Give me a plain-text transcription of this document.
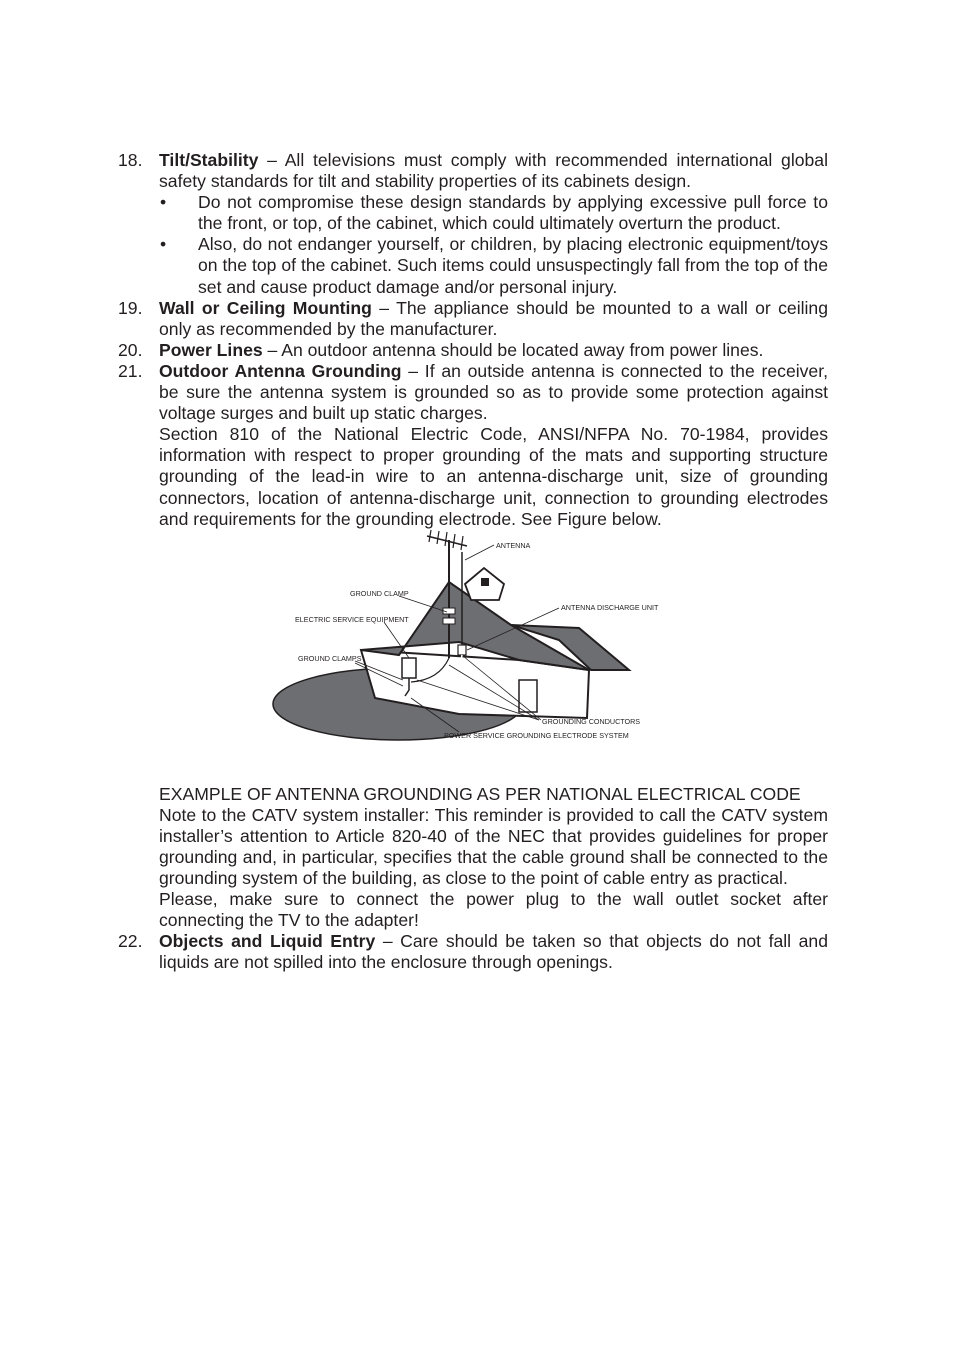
18. Tilt/Stability – All televisions must comply with recommended international global safety standards for tilt and stability properties of its cabinets design.
• Do not compromise these design standards by applying excessive pull force to the front, or top, of the cabinet, which could ultimately overturn the product.
• Also, do not endanger yourself, or children, by placing electronic equipment/toys on the top of the cabinet. Such items could unsuspectingly fall from the top of the set and cause product damage and/or personal injury.
19. Wall or Ceiling Mounting – The appliance should be mounted to a wall or ceiling only as recommended by the manufacturer.
20. Power Lines – An outdoor antenna should be located away from power lines.
21. Outdoor Antenna Grounding – If an outside antenna is connected to the receiver, be sure the antenna system is grounded so as to provide some protection against voltage surges and built up static charges.
Section 810 of the National Electric Code, ANSI/NFPA No. 70-1984, provides information with respect to proper grounding of the mats and supporting structure grounding of the lead-in wire to an antenna-discharge unit, size of grounding connectors, location of antenna-discharge unit, connection to grounding electrodes and requirements for the grounding electrode. See Figure below.
ANTENNA
GROUND CLAMP
ELECTRIC SERVICE EQUIPMENT
ANTENNA DISCHARGE UNIT
GROUND CLAMPS
GROUNDING CONDUCTORS
POWER SERVICE GROUNDING ELECTRODE SYSTEM
EXAMPLE OF ANTENNA GROUNDING AS PER NATIONAL ELECTRICAL CODE
Note to the CATV system installer: This reminder is provided to call the CATV system installer’s attention to Article 820-40 of the NEC that provides guidelines for proper grounding and, in particular, specifies that the cable ground shall be connected to the grounding system of the building, as close to the point of cable entry as practical.
Please, make sure to connect the power plug to the wall outlet socket after connecting the TV to the adapter!
22. Objects and Liquid Entry – Care should be taken so that objects do not fall and liquids are not spilled into the enclosure through openings.
